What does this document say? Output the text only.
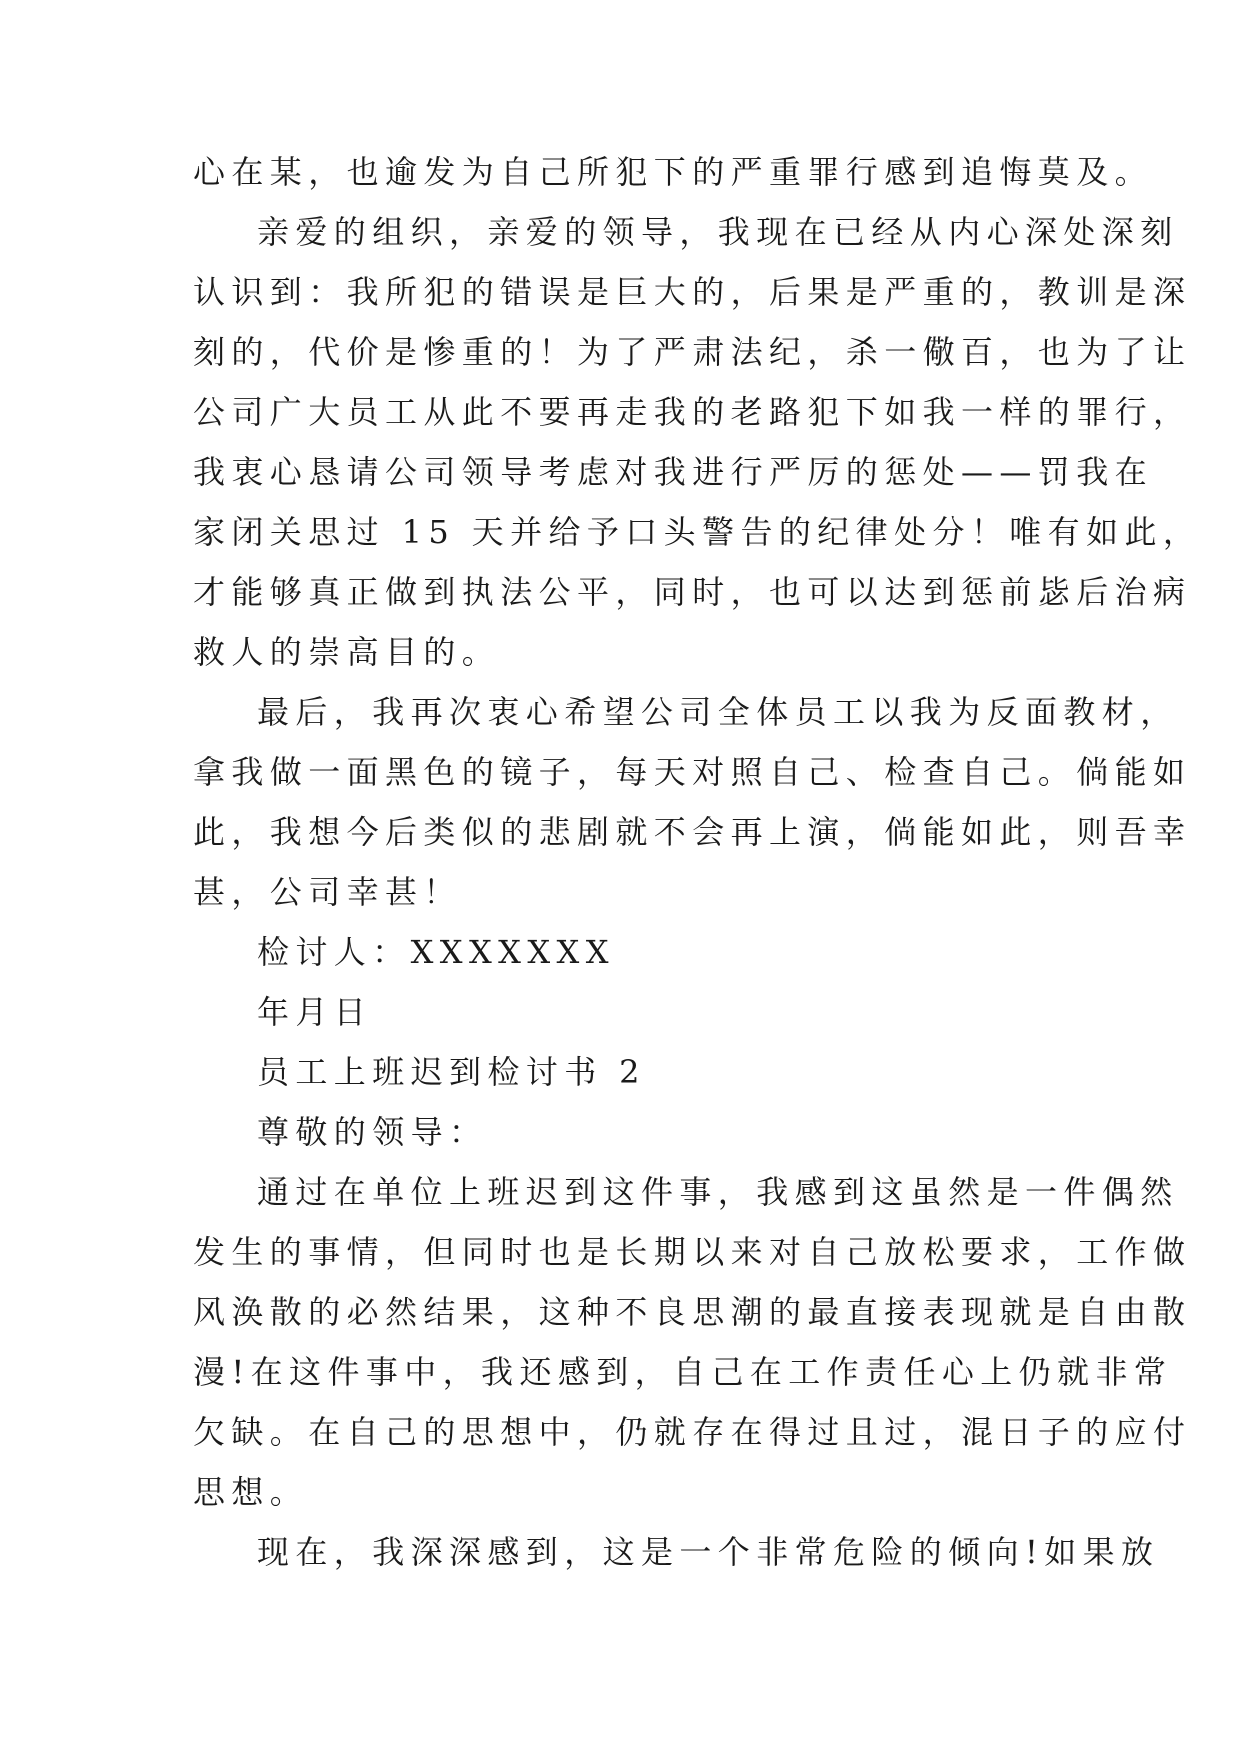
心在某，也逾发为自己所犯下的严重罪行感到追悔莫及。
亲爱的组织，亲爱的领导，我现在已经从内心深处深刻
认识到：我所犯的错误是巨大的，后果是严重的，教训是深
刻的，代价是惨重的！为了严肃法纪，杀一儆百，也为了让
公司广大员工从此不要再走我的老路犯下如我一样的罪行，
我衷心恳请公司领导考虑对我进行严厉的惩处——罚我在
家闭关思过 15 天并给予口头警告的纪律处分！唯有如此，
才能够真正做到执法公平，同时，也可以达到惩前毖后治病
救人的崇高目的。
最后，我再次衷心希望公司全体员工以我为反面教材，
拿我做一面黑色的镜子，每天对照自己、检查自己。倘能如
此，我想今后类似的悲剧就不会再上演，倘能如此，则吾幸
甚，公司幸甚！
检讨人：XXXXXXX
年月日
员工上班迟到检讨书 2
尊敬的领导：
通过在单位上班迟到这件事，我感到这虽然是一件偶然
发生的事情，但同时也是长期以来对自己放松要求，工作做
风涣散的必然结果，这种不良思潮的最直接表现就是自由散
漫!在这件事中，我还感到，自己在工作责任心上仍就非常
欠缺。在自己的思想中，仍就存在得过且过，混日子的应付
思想。
现在，我深深感到，这是一个非常危险的倾向!如果放
